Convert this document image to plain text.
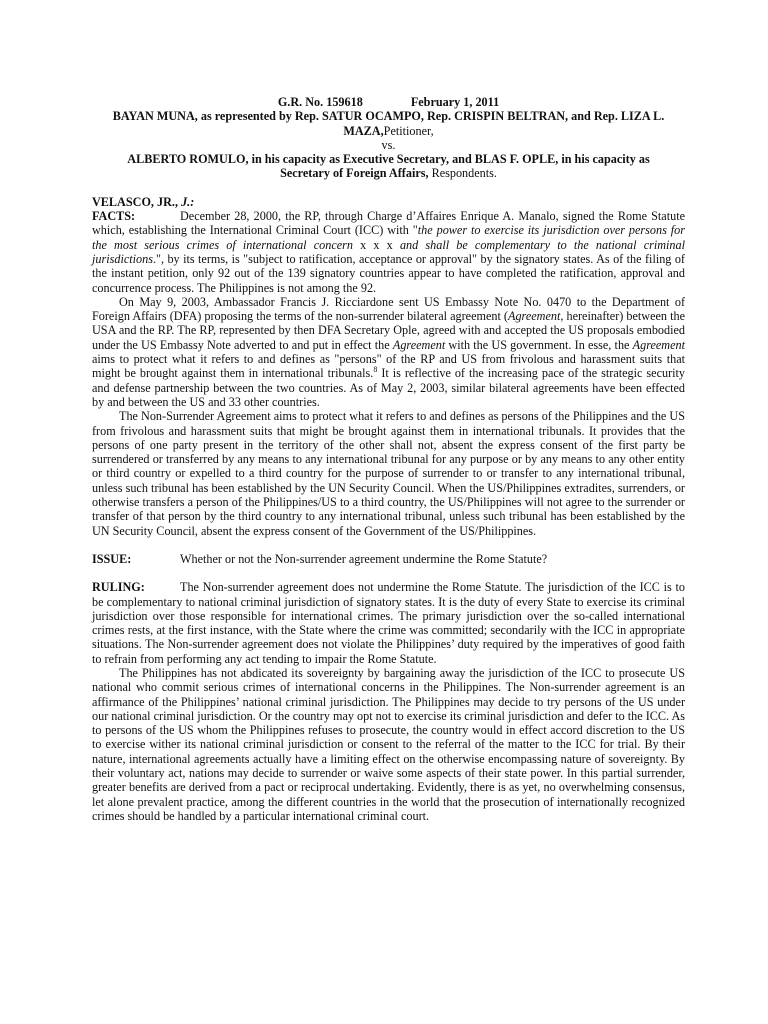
G.R. No. 159618	February 1, 2011
BAYAN MUNA, as represented by Rep. SATUR OCAMPO, Rep. CRISPIN BELTRAN, and Rep. LIZA L.
MAZA,Petitioner,
vs.
ALBERTO ROMULO, in his capacity as Executive Secretary, and BLAS F. OPLE, in his capacity as
Secretary of Foreign Affairs, Respondents.

VELASCO, JR., J.:

FACTS:	December 28, 2000, the RP, through Charge d’Affaires Enrique A. Manalo, signed the Rome Statute which, establishing the International Criminal Court (ICC) with "the power to exercise its jurisdiction over persons for the most serious crimes of international concern x x x and shall be complementary to the national criminal jurisdictions.", by its terms, is "subject to ratification, acceptance or approval" by the signatory states. As of the filing of the instant petition, only 92 out of the 139 signatory countries appear to have completed the ratification, approval and concurrence process. The Philippines is not among the 92.

On May 9, 2003, Ambassador Francis J. Ricciardone sent US Embassy Note No. 0470 to the Department of Foreign Affairs (DFA) proposing the terms of the non-surrender bilateral agreement (Agreement, hereinafter) between the USA and the RP. The RP, represented by then DFA Secretary Ople, agreed with and accepted the US proposals embodied under the US Embassy Note adverted to and put in effect the Agreement with the US government. In esse, the Agreement aims to protect what it refers to and defines as "persons" of the RP and US from frivolous and harassment suits that might be brought against them in international tribunals.$^8$ It is reflective of the increasing pace of the strategic security and defense partnership between the two countries. As of May 2, 2003, similar bilateral agreements have been effected by and between the US and 33 other countries.

The Non-Surrender Agreement aims to protect what it refers to and defines as persons of the Philippines and the US from frivolous and harassment suits that might be brought against them in international tribunals. It provides that the persons of one party present in the territory of the other shall not, absent the express consent of the first party be surrendered or transferred by any means to any international tribunal for any purpose or by any means to any other entity or third country or expelled to a third country for the purpose of surrender to or transfer to any international tribunal, unless such tribunal has been established by the UN Security Council. When the US/Philippines extradites, surrenders, or otherwise transfers a person of the Philippines/US to a third country, the US/Philippines will not agree to the surrender or transfer of that person by the third country to any international tribunal, unless such tribunal has been established by the UN Security Council, absent the express consent of the Government of the US/Philippines.

ISSUE:	Whether or not the Non-surrender agreement undermine the Rome Statute?

RULING:	The Non-surrender agreement does not undermine the Rome Statute. The jurisdiction of the ICC is to be complementary to national criminal jurisdiction of signatory states. It is the duty of every State to exercise its criminal jurisdiction over those responsible for international crimes. The primary jurisdiction over the so-called international crimes rests, at the first instance, with the State where the crime was committed; secondarily with the ICC in appropriate situations. The Non-surrender agreement does not violate the Philippines’ duty required by the imperatives of good faith to refrain from performing any act tending to impair the Rome Statute.

The Philippines has not abdicated its sovereignty by bargaining away the jurisdiction of the ICC to prosecute US national who commit serious crimes of international concerns in the Philippines. The Non-surrender agreement is an affirmance of the Philippines’ national criminal jurisdiction. The Philippines may decide to try persons of the US under our national criminal jurisdiction. Or the country may opt not to exercise its criminal jurisdiction and defer to the ICC. As to persons of the US whom the Philippines refuses to prosecute, the country would in effect accord discretion to the US to exercise wither its national criminal jurisdiction or consent to the referral of the matter to the ICC for trial. By their nature, international agreements actually have a limiting effect on the otherwise encompassing nature of sovereignty. By their voluntary act, nations may decide to surrender or waive some aspects of their state power. In this partial surrender, greater benefits are derived from a pact or reciprocal undertaking. Evidently, there is as yet, no overwhelming consensus, let alone prevalent practice, among the different countries in the world that the prosecution of internationally recognized crimes should be handled by a particular international criminal court.
